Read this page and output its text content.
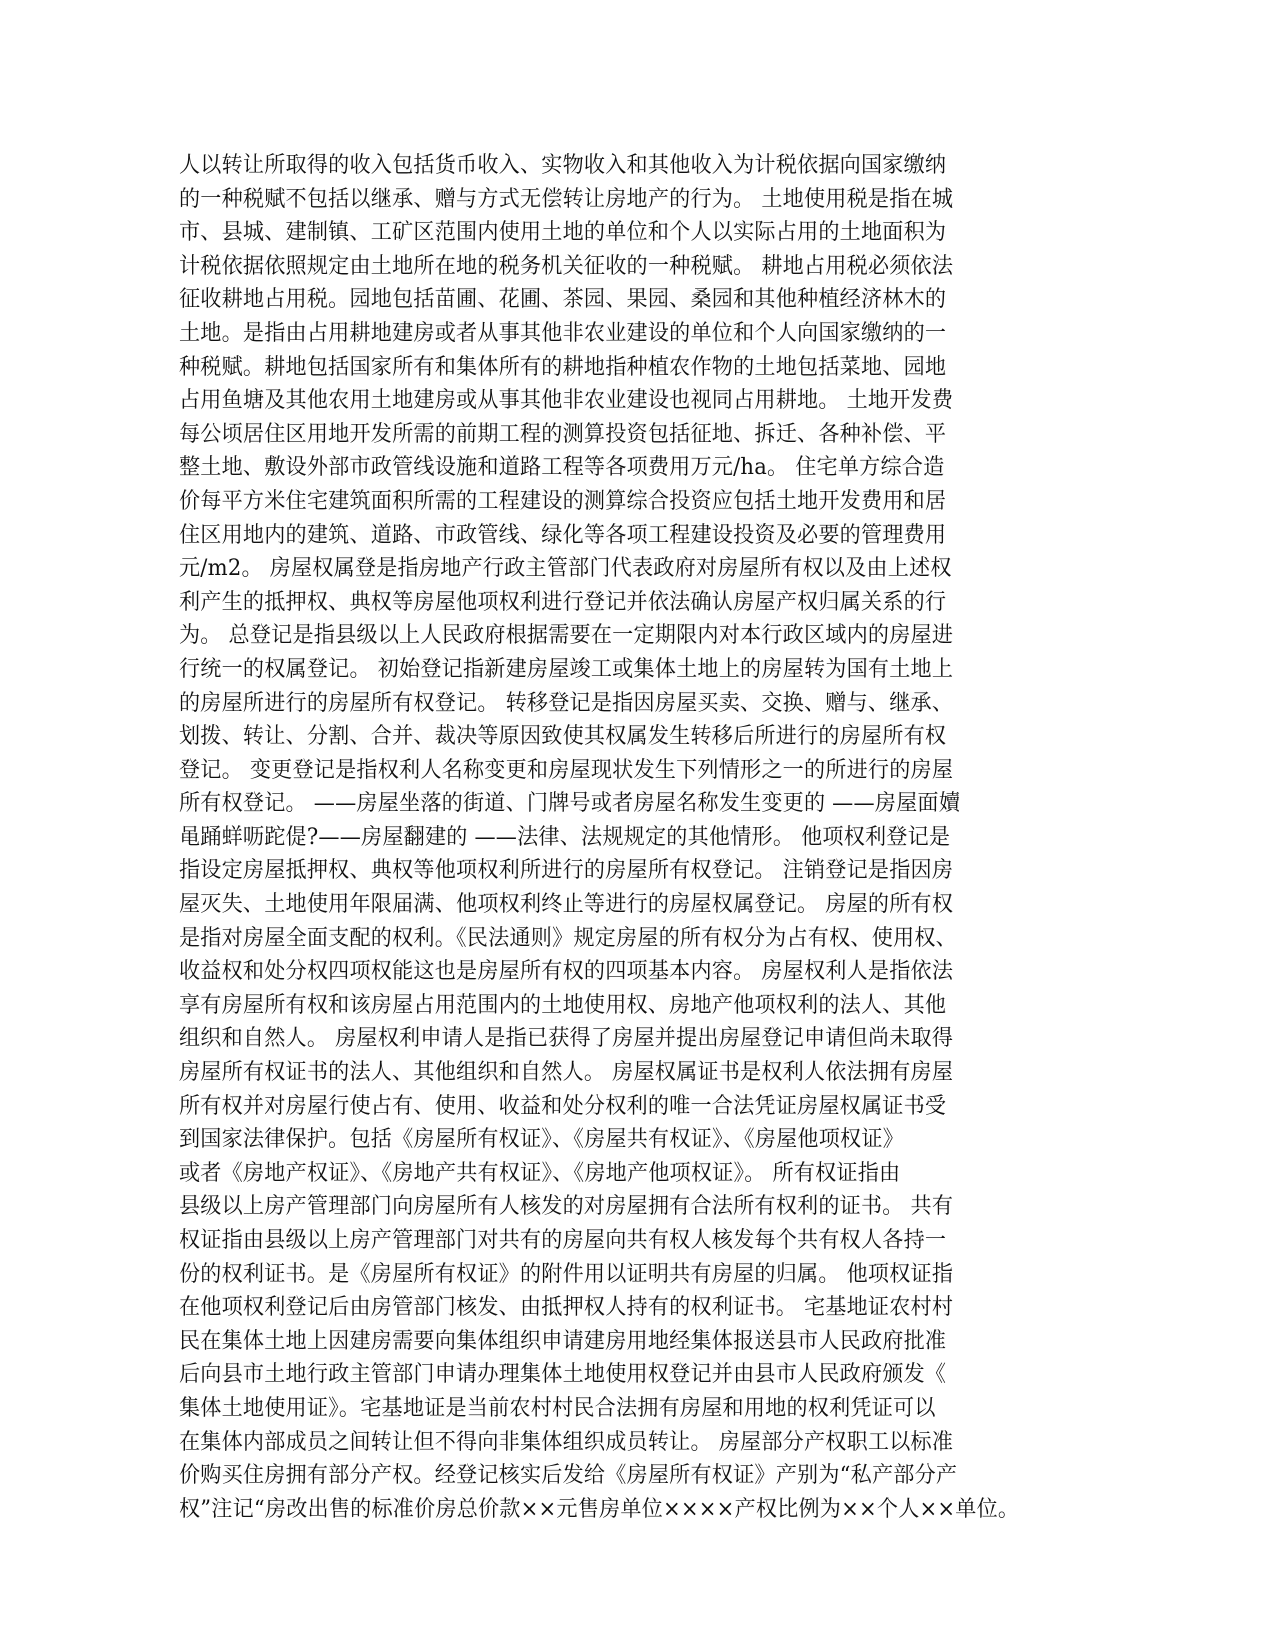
人以转让所取得的收入包括货币收入、实物收入和其他收入为计税依据向国家缴纳
的一种税赋不包括以继承、赠与方式无偿转让房地产的行为。 土地使用税是指在城
市、县城、建制镇、工矿区范围内使用土地的单位和个人以实际占用的土地面积为
计税依据依照规定由土地所在地的税务机关征收的一种税赋。 耕地占用税必须依法
征收耕地占用税。园地包括苗圃、花圃、茶园、果园、桑园和其他种植经济林木的
土地。是指由占用耕地建房或者从事其他非农业建设的单位和个人向国家缴纳的一
种税赋。耕地包括国家所有和集体所有的耕地指种植农作物的土地包括菜地、园地
占用鱼塘及其他农用土地建房或从事其他非农业建设也视同占用耕地。 土地开发费
每公顷居住区用地开发所需的前期工程的测算投资包括征地、拆迁、各种补偿、平
整土地、敷设外部市政管线设施和道路工程等各项费用万元/ha。 住宅单方综合造
价每平方米住宅建筑面积所需的工程建设的测算综合投资应包括土地开发费用和居
住区用地内的建筑、道路、市政管线、绿化等各项工程建设投资及必要的管理费用
元/m2。 房屋权属登是指房地产行政主管部门代表政府对房屋所有权以及由上述权
利产生的抵押权、典权等房屋他项权利进行登记并依法确认房屋产权归属关系的行
为。 总登记是指县级以上人民政府根据需要在一定期限内对本行政区域内的房屋进
行统一的权属登记。 初始登记指新建房屋竣工或集体土地上的房屋转为国有土地上
的房屋所进行的房屋所有权登记。 转移登记是指因房屋买卖、交换、赠与、继承、
划拨、转让、分割、合并、裁决等原因致使其权属发生转移后所进行的房屋所有权
登记。 变更登记是指权利人名称变更和房屋现状发生下列情形之一的所进行的房屋
所有权登记。 ——房屋坐落的街道、门牌号或者房屋名称发生变更的 ——房屋面嬻
黾踊蛘呖跎偍?——房屋翻建的 ——法律、法规规定的其他情形。 他项权利登记是
指设定房屋抵押权、典权等他项权利所进行的房屋所有权登记。 注销登记是指因房
屋灭失、土地使用年限届满、他项权利终止等进行的房屋权属登记。 房屋的所有权
是指对房屋全面支配的权利。《民法通则》规定房屋的所有权分为占有权、使用权、
收益权和处分权四项权能这也是房屋所有权的四项基本内容。 房屋权利人是指依法
享有房屋所有权和该房屋占用范围内的土地使用权、房地产他项权利的法人、其他
组织和自然人。 房屋权利申请人是指已获得了房屋并提出房屋登记申请但尚未取得
房屋所有权证书的法人、其他组织和自然人。 房屋权属证书是权利人依法拥有房屋
所有权并对房屋行使占有、使用、收益和处分权利的唯一合法凭证房屋权属证书受
到国家法律保护。包括《房屋所有权证》、《房屋共有权证》、《房屋他项权证》
或者《房地产权证》、《房地产共有权证》、《房地产他项权证》。 所有权证指由
县级以上房产管理部门向房屋所有人核发的对房屋拥有合法所有权利的证书。 共有
权证指由县级以上房产管理部门对共有的房屋向共有权人核发每个共有权人各持一
份的权利证书。是《房屋所有权证》的附件用以证明共有房屋的归属。 他项权证指
在他项权利登记后由房管部门核发、由抵押权人持有的权利证书。 宅基地证农村村
民在集体土地上因建房需要向集体组织申请建房用地经集体报送县市人民政府批准
后向县市土地行政主管部门申请办理集体土地使用权登记并由县市人民政府颁发《
集体土地使用证》。宅基地证是当前农村村民合法拥有房屋和用地的权利凭证可以
在集体内部成员之间转让但不得向非集体组织成员转让。 房屋部分产权职工以标准
价购买住房拥有部分产权。经登记核实后发给《房屋所有权证》产别为“私产部分产
权”注记“房改出售的标准价房总价款××元售房单位××××产权比例为××个人××单位。
